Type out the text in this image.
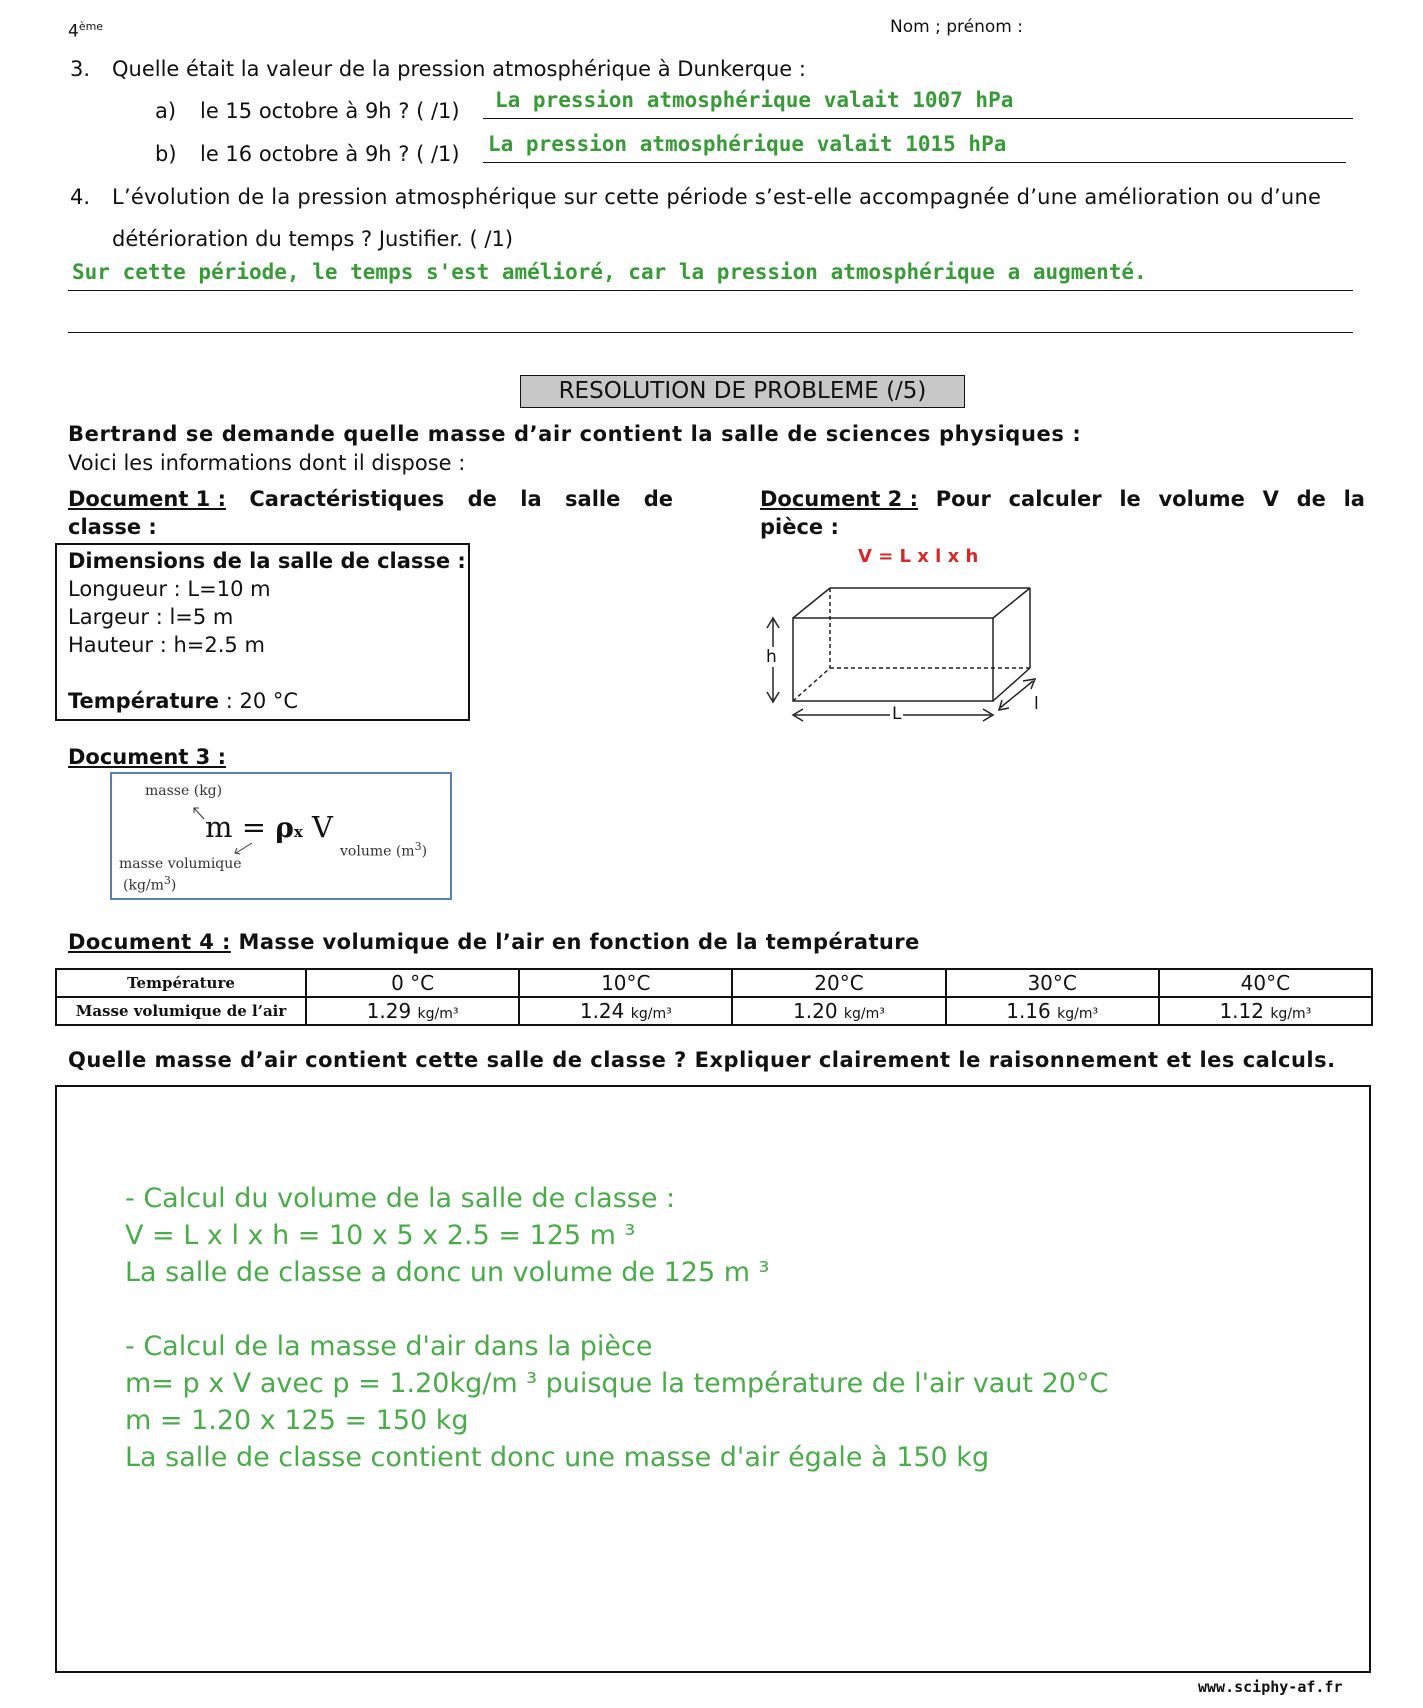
4ème	Nom ; prénom :
3. Quelle était la valeur de la pression atmosphérique à Dunkerque :
a) le 15 octobre à 9h ? ( /1) La pression atmosphérique valait 1007 hPa
b) le 16 octobre à 9h ? ( /1) La pression atmosphérique valait 1015 hPa
4. L’évolution de la pression atmosphérique sur cette période s’est-elle accompagnée d’une amélioration ou d’une
détérioration du temps ? Justifier. ( /1)
Sur cette période, le temps s'est amélioré, car la pression atmosphérique a augmenté.
RESOLUTION DE PROBLEME (/5)
Bertrand se demande quelle masse d’air contient la salle de sciences physiques :
Voici les informations dont il dispose :
Document 1 : Caractéristiques de la salle de
classe :
Dimensions de la salle de classe :
Longueur : L=10 m
Largeur : l=5 m
Hauteur : h=2.5 m
Température : 20 °C
Document 2 : Pour calculer le volume V de la
pièce :
V = L x l x h
h
L	l
Document 3 :
masse (kg)
m = ρx V
volume $(m^3)$
masse volumique
$(kg/m^3)$
Document 4 : Masse volumique de l’air en fonction de la température
Température	0 °C	10°C	20°C	30°C	40°C
Masse volumique de l’air	1.29 kg/m³	1.24 kg/m³	1.20 kg/m³	1.16 kg/m³	1.12 kg/m³
Quelle masse d’air contient cette salle de classe ? Expliquer clairement le raisonnement et les calculs.
- Calcul du volume de la salle de classe :
V = L x l x h = 10 x 5 x 2.5 = 125 m ³
La salle de classe a donc un volume de 125 m ³
- Calcul de la masse d'air dans la pièce
m= p x V avec p = 1.20kg/m ³ puisque la température de l'air vaut 20°C
m = 1.20 x 125 = 150 kg
La salle de classe contient donc une masse d'air égale à 150 kg
www.sciphy-af.fr
